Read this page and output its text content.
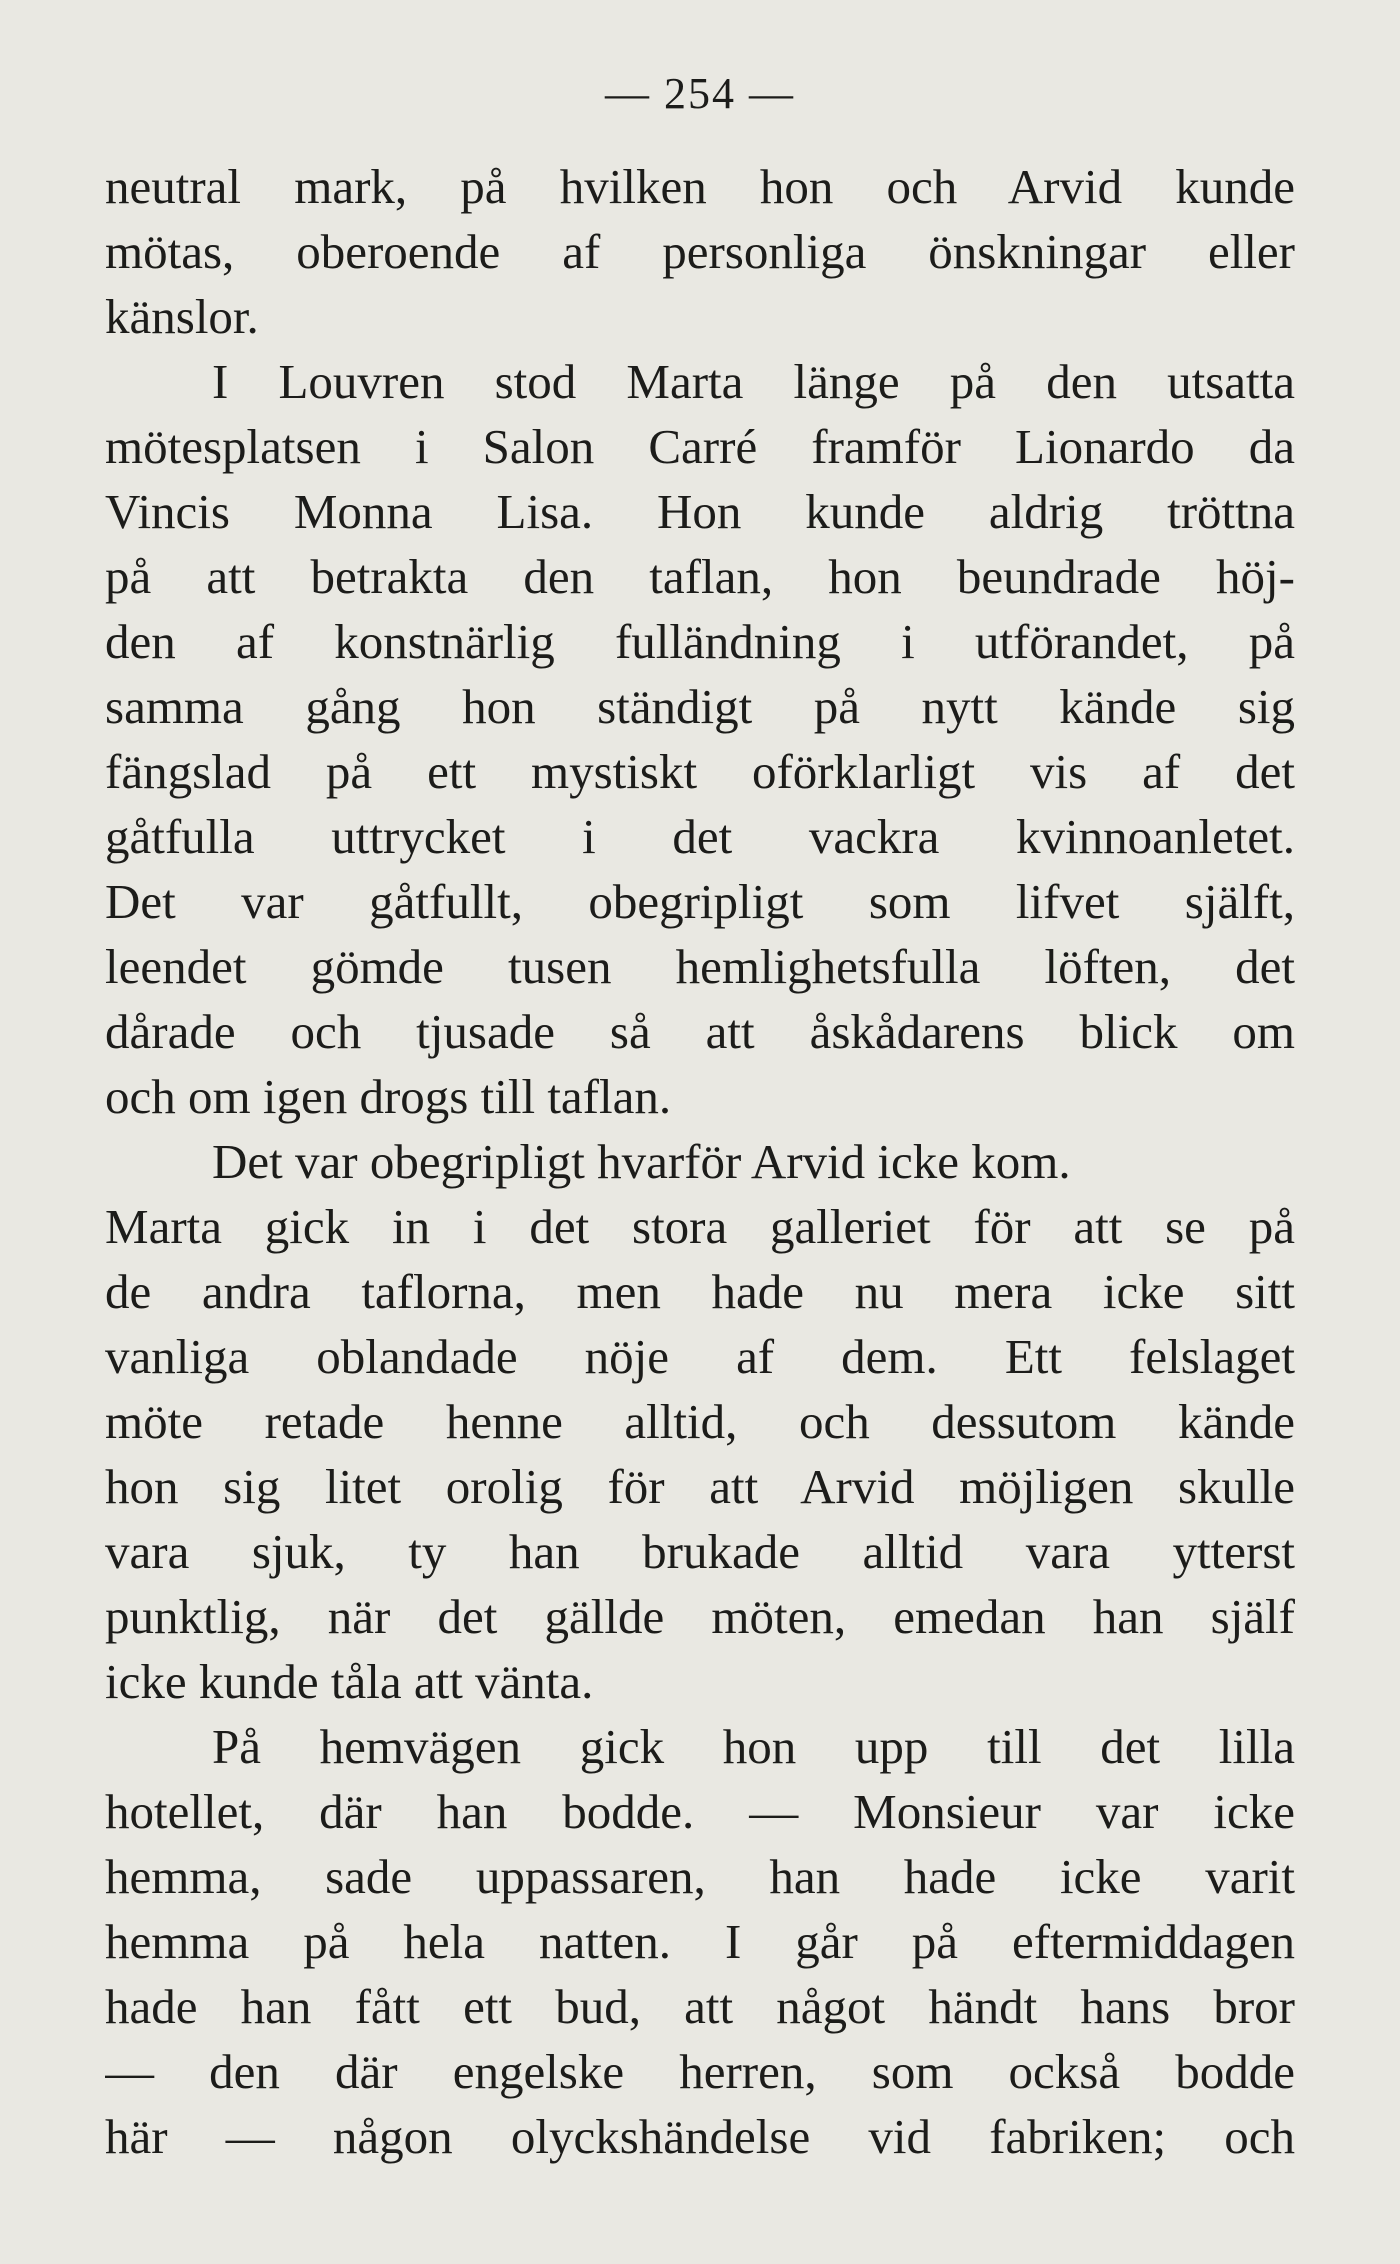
— 254 —
neutral mark, på hvilken hon och Arvid kunde
mötas, oberoende af personliga önskningar eller
känslor.
I Louvren stod Marta länge på den utsatta
mötesplatsen i Salon Carré framför Lionardo da
Vincis Monna Lisa. Hon kunde aldrig tröttna
på att betrakta den taflan, hon beundrade höj-
den af konstnärlig fulländning i utförandet, på
samma gång hon ständigt på nytt kände sig
fängslad på ett mystiskt oförklarligt vis af det
gåtfulla uttrycket i det vackra kvinnoanletet.
Det var gåtfullt, obegripligt som lifvet själft,
leendet gömde tusen hemlighetsfulla löften, det
dårade och tjusade så att åskådarens blick om
och om igen drogs till taflan.
Det var obegripligt hvarför Arvid icke kom.
Marta gick in i det stora galleriet för att se på
de andra taflorna, men hade nu mera icke sitt
vanliga oblandade nöje af dem. Ett felslaget
möte retade henne alltid, och dessutom kände
hon sig litet orolig för att Arvid möjligen skulle
vara sjuk, ty han brukade alltid vara ytterst
punktlig, när det gällde möten, emedan han själf
icke kunde tåla att vänta.
På hemvägen gick hon upp till det lilla
hotellet, där han bodde. — Monsieur var icke
hemma, sade uppassaren, han hade icke varit
hemma på hela natten. I går på eftermiddagen
hade han fått ett bud, att något händt hans bror
— den där engelske herren, som också bodde
här — någon olyckshändelse vid fabriken; och
